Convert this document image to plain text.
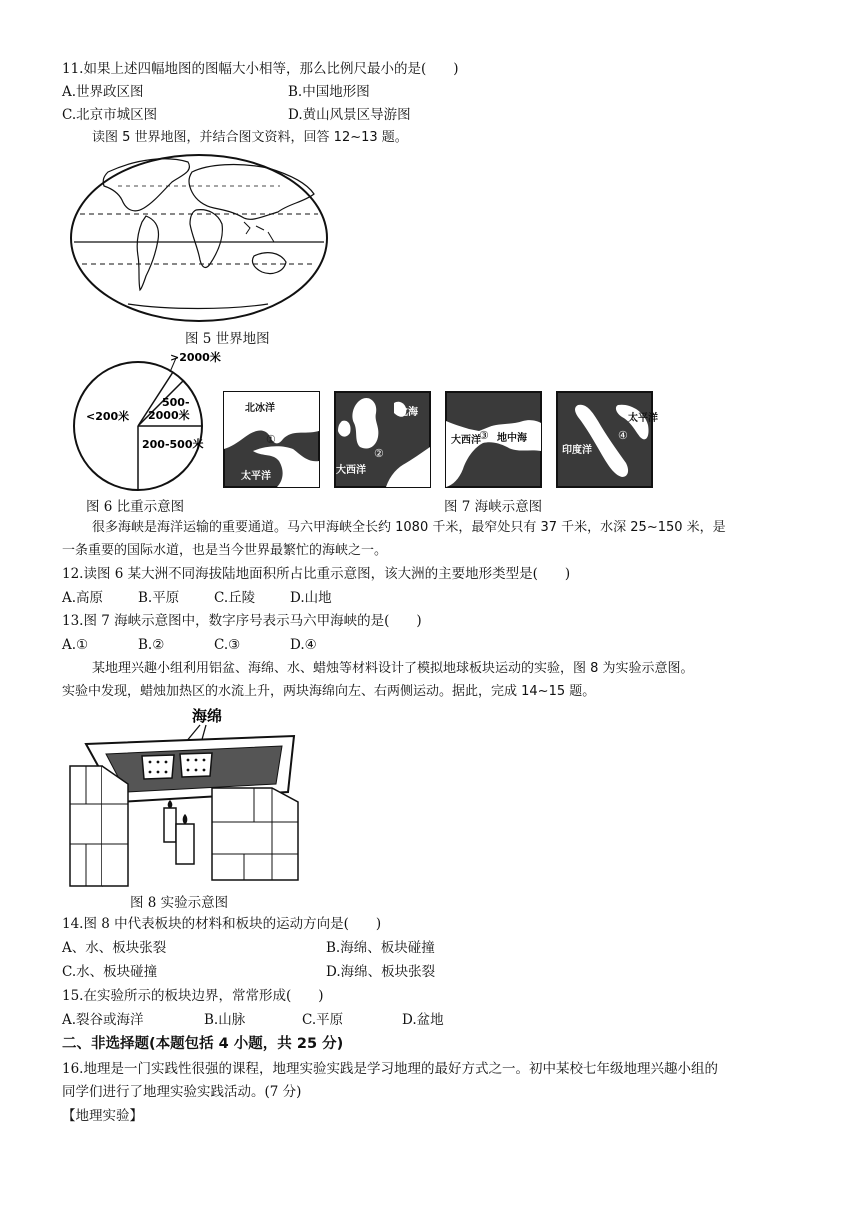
11.如果上述四幅地图的图幅大小相等，那么比例尺最小的是(　　)
A.世界政区图	B.中国地形图
C.北京市城区图	D.黄山风景区导游图
读图 5 世界地图，并结合图文资料，回答 12~13 题。
图 5 世界地图
>2000米
500-
2000米
<200米
200-500米
北冰洋
①
太平洋
北海
②
大西洋
大西洋
③ 地中海	④
太平洋
印度洋
图 6 比重示意图	图 7 海峡示意图
很多海峡是海洋运输的重要通道。马六甲海峡全长约 1080 千米，最窄处只有 37 千米，水深 25~150 米，是
一条重要的国际水道，也是当今世界最繁忙的海峡之一。
12.读图 6 某大洲不同海拔陆地面积所占比重示意图，该大洲的主要地形类型是(　　)
A.高原	B.平原	C.丘陵	D.山地
13.图 7 海峡示意图中，数字序号表示马六甲海峡的是(　　)
A.①	B.②	C.③	D.④
某地理兴趣小组利用铝盆、海绵、水、蜡烛等材料设计了模拟地球板块运动的实验，图 8 为实验示意图。
实验中发现，蜡烛加热区的水流上升，两块海绵向左、右两侧运动。据此，完成 14~15 题。
海绵
图 8 实验示意图
14.图 8 中代表板块的材料和板块的运动方向是(　　)
A、水、板块张裂	B.海绵、板块碰撞
C.水、板块碰撞	D.海绵、板块张裂
15.在实验所示的板块边界，常常形成(　　)
A.裂谷或海洋	B.山脉	C.平原	D.盆地
二、非选择题(本题包括 4 小题，共 25 分)
16.地理是一门实践性很强的课程，地理实验实践是学习地理的最好方式之一。初中某校七年级地理兴趣小组的
同学们进行了地理实验实践活动。(7 分)
【地理实验】
